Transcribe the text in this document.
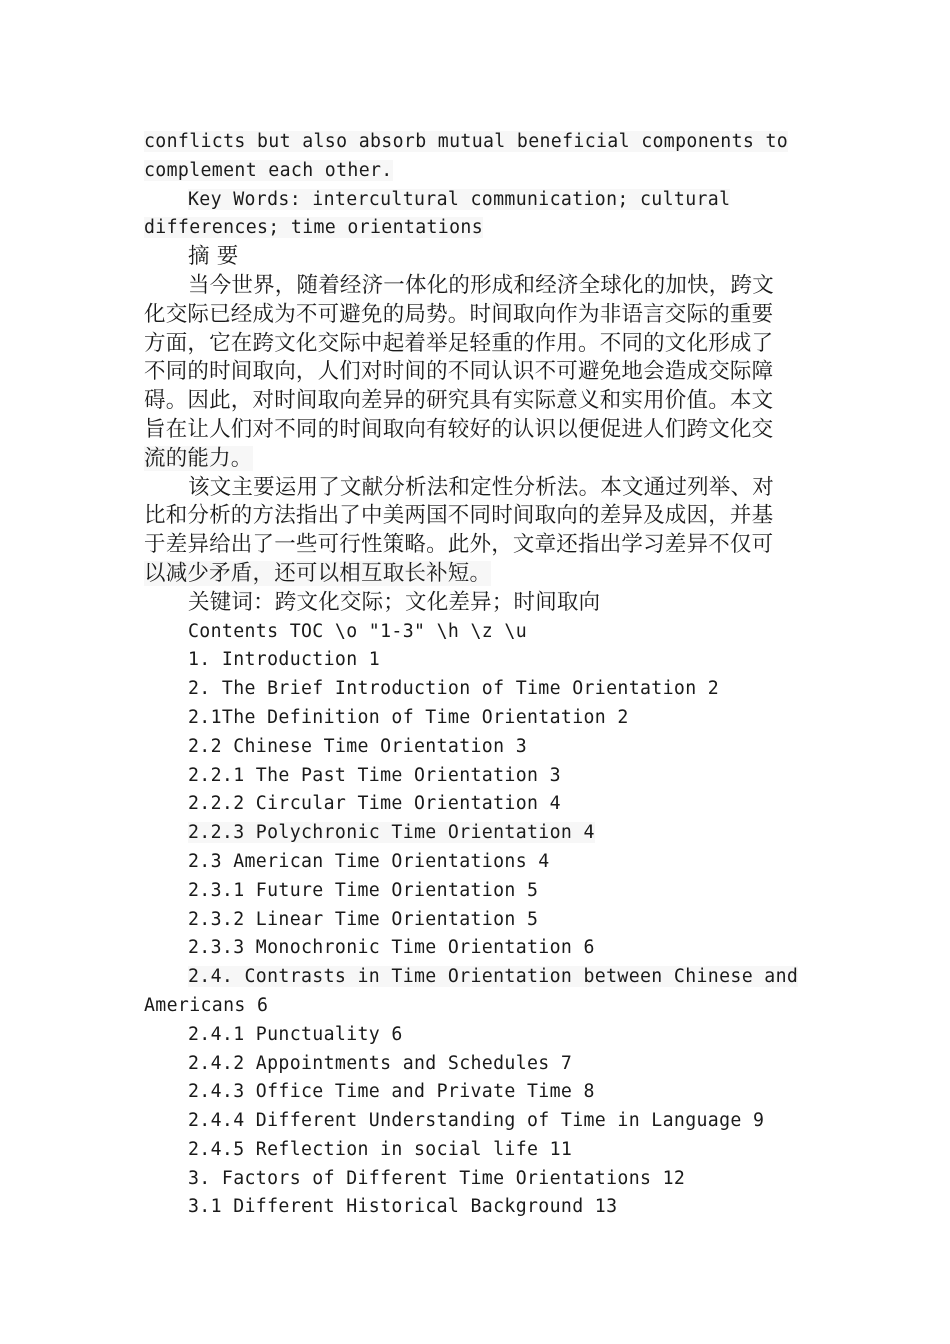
conflicts but also absorb mutual beneficial components to
complement each other.
Key Words: intercultural communication; cultural
differences; time orientations
摘 要
当今世界，随着经济一体化的形成和经济全球化的加快，跨文
化交际已经成为不可避免的局势。时间取向作为非语言交际的重要
方面，它在跨文化交际中起着举足轻重的作用。不同的文化形成了
不同的时间取向，人们对时间的不同认识不可避免地会造成交际障
碍。因此，对时间取向差异的研究具有实际意义和实用价值。本文
旨在让人们对不同的时间取向有较好的认识以便促进人们跨文化交
流的能力。
该文主要运用了文献分析法和定性分析法。本文通过列举、对
比和分析的方法指出了中美两国不同时间取向的差异及成因，并基
于差异给出了一些可行性策略。此外，文章还指出学习差异不仅可
以减少矛盾，还可以相互取长补短。
关键词：跨文化交际；文化差异；时间取向
Contents TOC \o "1-3" \h \z \u
1. Introduction 1
2. The Brief Introduction of Time Orientation 2
2.1The Definition of Time Orientation 2
2.2 Chinese Time Orientation 3
2.2.1 The Past Time Orientation 3
2.2.2 Circular Time Orientation 4
2.2.3 Polychronic Time Orientation 4
2.3 American Time Orientations 4
2.3.1 Future Time Orientation 5
2.3.2 Linear Time Orientation 5
2.3.3 Monochronic Time Orientation 6
2.4. Contrasts in Time Orientation between Chinese and
Americans 6
2.4.1 Punctuality 6
2.4.2 Appointments and Schedules 7
2.4.3 Office Time and Private Time 8
2.4.4 Different Understanding of Time in Language 9
2.4.5 Reflection in social life 11
3. Factors of Different Time Orientations 12
3.1 Different Historical Background 13
